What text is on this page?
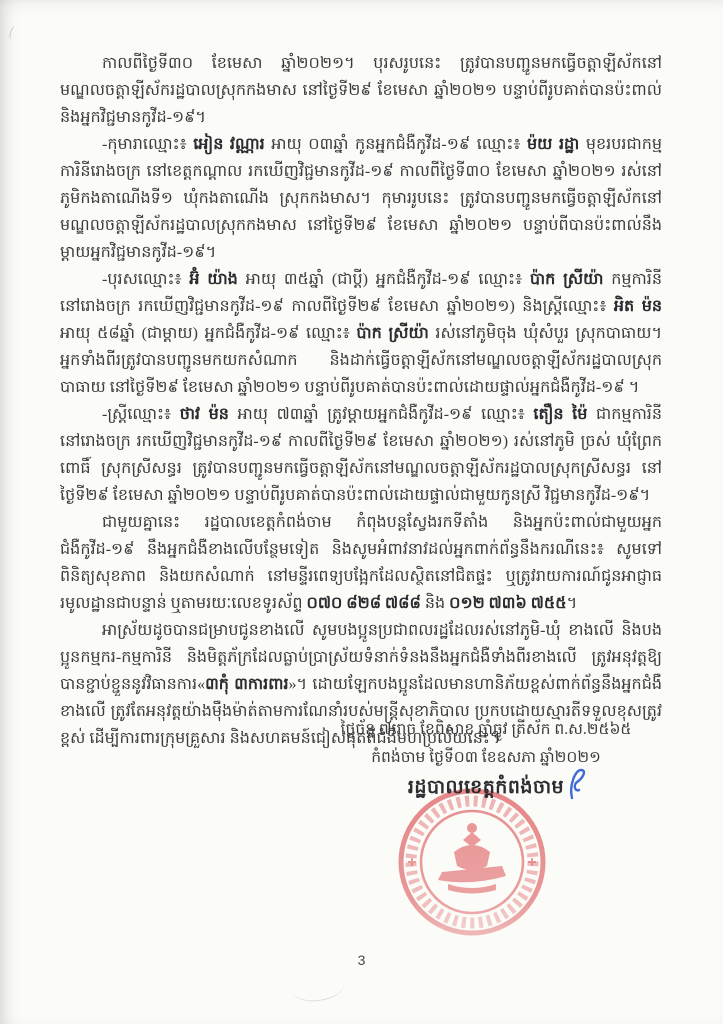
កាលពីថ្ងៃទី៣០ ខែមេសា ឆ្នាំ២០២១។ បុរសរូបនេះ ត្រូវបានបញ្ជូនមកធ្វើចត្តាឡីស័កនៅមណ្ឌលចត្តាឡីស័ករដ្ឋបាលស្រុកកងមាស នៅថ្ងៃទី២៩ ខែមេសា ឆ្នាំ២០២១ បន្ទាប់ពីរូបគាត់បានប៉ះពាល់និងអ្នកវិជ្ជមានកូវីដ-១៩។

-កុមារាឈ្មោះ៖ អៀន វណ្ណារ អាយុ ០៣ឆ្នាំ កូនអ្នកជំងឺកូវីដ-១៩ ឈ្មោះ៖ ម៉យ រដ្ឋា មុខរបរជាកម្មការិនីរោងចក្រ នៅខេត្តកណ្តាល រកឃើញវិជ្ជមានកូវីដ-១៩ កាលពីថ្ងៃទី៣០ ខែមេសា ឆ្នាំ២០២១ រស់នៅភូមិកងតាណើងទី១ ឃុំកងតាណើង ស្រុកកងមាស។ កុមាររូបនេះ ត្រូវបានបញ្ជូនមកធ្វើចត្តាឡីស័កនៅមណ្ឌលចត្តាឡីស័ករដ្ឋបាលស្រុកកងមាស នៅថ្ងៃទី២៩ ខែមេសា ឆ្នាំ២០២១ បន្ទាប់ពីបានប៉ះពាល់នឹងម្តាយអ្នកវិជ្ជមានកូវីដ-១៩។

-បុរសឈ្មោះ៖ អ៊ំ យ៉ាង អាយុ ៣៥ឆ្នាំ (ជាប្តី) អ្នកជំងឺកូវីដ-១៩ ឈ្មោះ៖ ប៉ាក ស្រីយ៉ា កម្មការិនីនៅរោងចក្រ រកឃើញវិជ្ជមានកូវីដ-១៩ កាលពីថ្ងៃទី២៩ ខែមេសា ឆ្នាំ២០២១) និងស្ត្រីឈ្មោះ៖ អិត ម៉ន អាយុ ៥៨ឆ្នាំ (ជាម្តាយ) អ្នកជំងឺកូវីដ-១៩ ឈ្មោះ៖ ប៉ាក ស្រីយ៉ា រស់នៅភូមិចុង ឃុំសំបួរ ស្រុកបាធាយ។ អ្នកទាំងពីរត្រូវបានបញ្ជូនមកយកសំណាក និងដាក់ធ្វើចត្តាឡីស័កនៅមណ្ឌលចត្តាឡីស័ករដ្ឋបាលស្រុកបាធាយ នៅថ្ងៃទី២៩ ខែមេសា ឆ្នាំ២០២១ បន្ទាប់ពីរូបគាត់បានប៉ះពាល់ដោយផ្ទាល់អ្នកជំងឺកូវីដ-១៩ ។

-ស្ត្រីឈ្មោះ៖ ថាវ ម៉ន អាយុ ៧៣ឆ្នាំ ត្រូវម្តាយអ្នកជំងឺកូវីដ-១៩ ឈ្មោះ៖ តឿន ម៉ៃ ជាកម្មការិនីនៅរោងចក្រ រកឃើញវិជ្ជមានកូវីដ-១៩ កាលពីថ្ងៃទី២៩ ខែមេសា ឆ្នាំ២០២១) រស់នៅភូមិ ច្រស់ ឃុំព្រែកពោធិ៍ ស្រុកស្រីសន្ធរ ត្រូវបានបញ្ជូនមកធ្វើចត្តាឡីស័កនៅមណ្ឌលចត្តាឡីស័ករដ្ឋបាលស្រុកស្រីសន្ធរ នៅថ្ងៃទី២៩ ខែមេសា ឆ្នាំ២០២១ បន្ទាប់ពីរូបគាត់បានប៉ះពាល់ដោយផ្ទាល់ជាមួយកូនស្រី វិជ្ជមានកូវីដ-១៩។

ជាមួយគ្នានេះ រដ្ឋបាលខេត្តកំពង់ចាម កំពុងបន្តស្វែងរកទីតាំង និងអ្នកប៉ះពាល់ជាមួយអ្នកជំងឺកូវីដ-១៩ នឹងអ្នកជំងឺខាងលើបន្ថែមទៀត និងសូមអំពាវនាវដល់អ្នកពាក់ព័ន្ធនឹងករណីនេះ៖ សូមទៅពិនិត្យសុខភាព និងយកសំណាក់ នៅមន្ទីរពេទ្យបង្អែកដែលស្ថិតនៅជិតផ្ទះ ឬត្រូវរាយការណ៍ជូនអាជ្ញាធរមូលដ្ឋានជាបន្ទាន់ ឬតាមរយៈលេខទូរស័ព្ទ ០៧០ ៨២៨ ៧៨៨ និង ០១២ ៧៣៦ ៧៥៥។

អាស្រ័យដូចបានជម្រាបជូនខាងលើ សូមបងប្អូនប្រជាពលរដ្ឋដែលរស់នៅភូមិ-ឃុំ ខាងលើ និងបងប្អូនកម្មករ-កម្មការិនី និងមិត្តភ័ក្រដែលធ្លាប់ប្រាស្រ័យទំនាក់ទំនងនឹងអ្នកជំងឺទាំងពីរខាងលើ ត្រូវអនុវត្តឱ្យបានខ្ជាប់ខ្ជួននូវវិធានការ«៣កុំ ៣ការពារ»។ ដោយឡែកបងប្អូនដែលមានហានិភ័យខ្ពស់ពាក់ព័ន្ធនឹងអ្នកជំងឺខាងលើ ត្រូវតែអនុវត្តយ៉ាងម៉ឺងម៉ាត់តាមការណែនាំរបស់មន្ត្រីសុខាភិបាល ប្រកបដោយស្មារតីទទួលខុសត្រូវខ្ពស់ ដើម្បីការពារក្រុមគ្រួសារ និងសហគមន៍ជៀសផុតពីជំងឺមហប្រល័យនេះ។

ថ្ងៃច័ន្ទ ៧រោច ខែពិសាខ ឆ្នាំឆ្លូវ ត្រីស័ក ព.ស.២៥៦៥
កំពង់ចាម ថ្ងៃទី០៣ ខែឧសភា ឆ្នាំ២០២១
រដ្ឋបាលខេត្តកំពង់ចាម
3
